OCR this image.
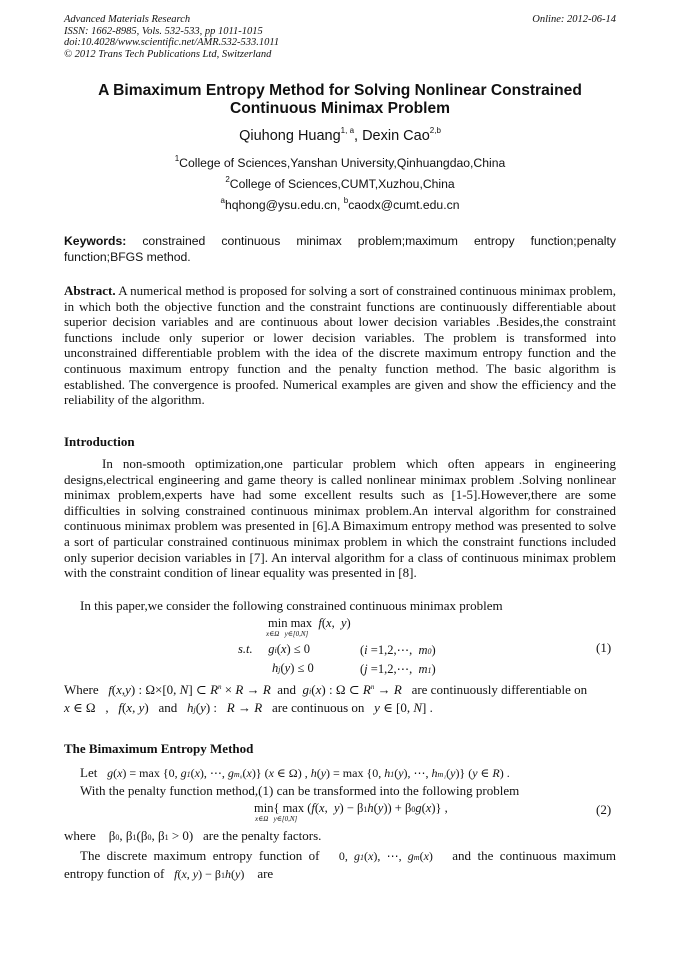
Advanced Materials Research
ISSN: 1662-8985, Vols. 532-533, pp 1011-1015
doi:10.4028/www.scientific.net/AMR.532-533.1011
© 2012 Trans Tech Publications Ltd, Switzerland
Online: 2012-06-14
A Bimaximum Entropy Method for Solving Nonlinear Constrained
Continuous Minimax Problem
Qiuhong Huang$^{1, a}$, Dexin Cao$^{2,b}$
$^1$College of Sciences,Yanshan University,Qinhuangdao,China
$^2$College of Sciences,CUMT,Xuzhou,China
$^a$hqhong@ysu.edu.cn, $^b$caodx@cumt.edu.cn
Keywords: constrained continuous minimax problem;maximum entropy function;penalty function;BFGS method.
Abstract. A numerical method is proposed for solving a sort of constrained continuous minimax problem, in which both the objective function and the constraint functions are continuously differentiable about superior decision variables and are continuous about lower decision variables .Besides,the constraint functions include only superior or lower decision variables. The problem is transformed into unconstrained differentiable problem with the idea of the discrete maximum entropy function and the continuous maximum entropy function and the penalty function method. The basic algorithm is established. The convergence is proofed. Numerical examples are given and show the efficiency and the reliability of the algorithm.
Introduction
In non-smooth optimization,one particular problem which often appears in engineering designs,electrical engineering and game theory is called nonlinear minimax problem .Solving nonlinear minimax problem,experts have had some excellent results such as [1-5].However,there are some difficulties in solving constrained continuous minimax problem.An interval algorithm for constrained continuous minimax problem was presented in [6].A Bimaximum entropy method was presented to solve a sort of particular constrained continuous minimax problem in which the constraint functions included only superior decision variables in [7]. An interval algorithm for a class of continuous minimax problem with the constraint condition of linear equality was presented in [8].
In this paper,we consider the following constrained continuous minimax problem
min max f(x,  y)
x∈Ω   y∈[0,N]
s.t. gi(x) ≤ 0	(i =1,2,⋯,  m0)
hj(y) ≤ 0	(j =1,2,⋯,  m1)
(1)
Where f(x,y) : Ω×[0, N] ⊂ $R^n \times R \to R$ and gi(x) : Ω ⊂ $R^n \to R$ are continuously differentiable on
x ∈ Ω   ,   f(x, y)   and hj(y) :   R → R are continuous on y ∈ [0, N] .
The Bimaximum Entropy Method
Let g(x) = max {0, g1(x), ⋯, gm₀(x)} (x ∈ Ω) , h(y) = max {0, h1(y), ⋯, hm₁(y)} (y ∈ R) .
With the penalty function method,(1) can be transformed into the following problem
min{ max (f(x,  y) − β1h(y)) + β0g(x)} ,
x∈Ω   y∈[0,N]
(2)
where    β0, β1(β0, β1 > 0)   are the penalty factors.
The discrete maximum entropy function of 0, g1(x), ⋯, gm(x) and the continuous maximum
entropy function of f(x, y) − β1h(y) are
